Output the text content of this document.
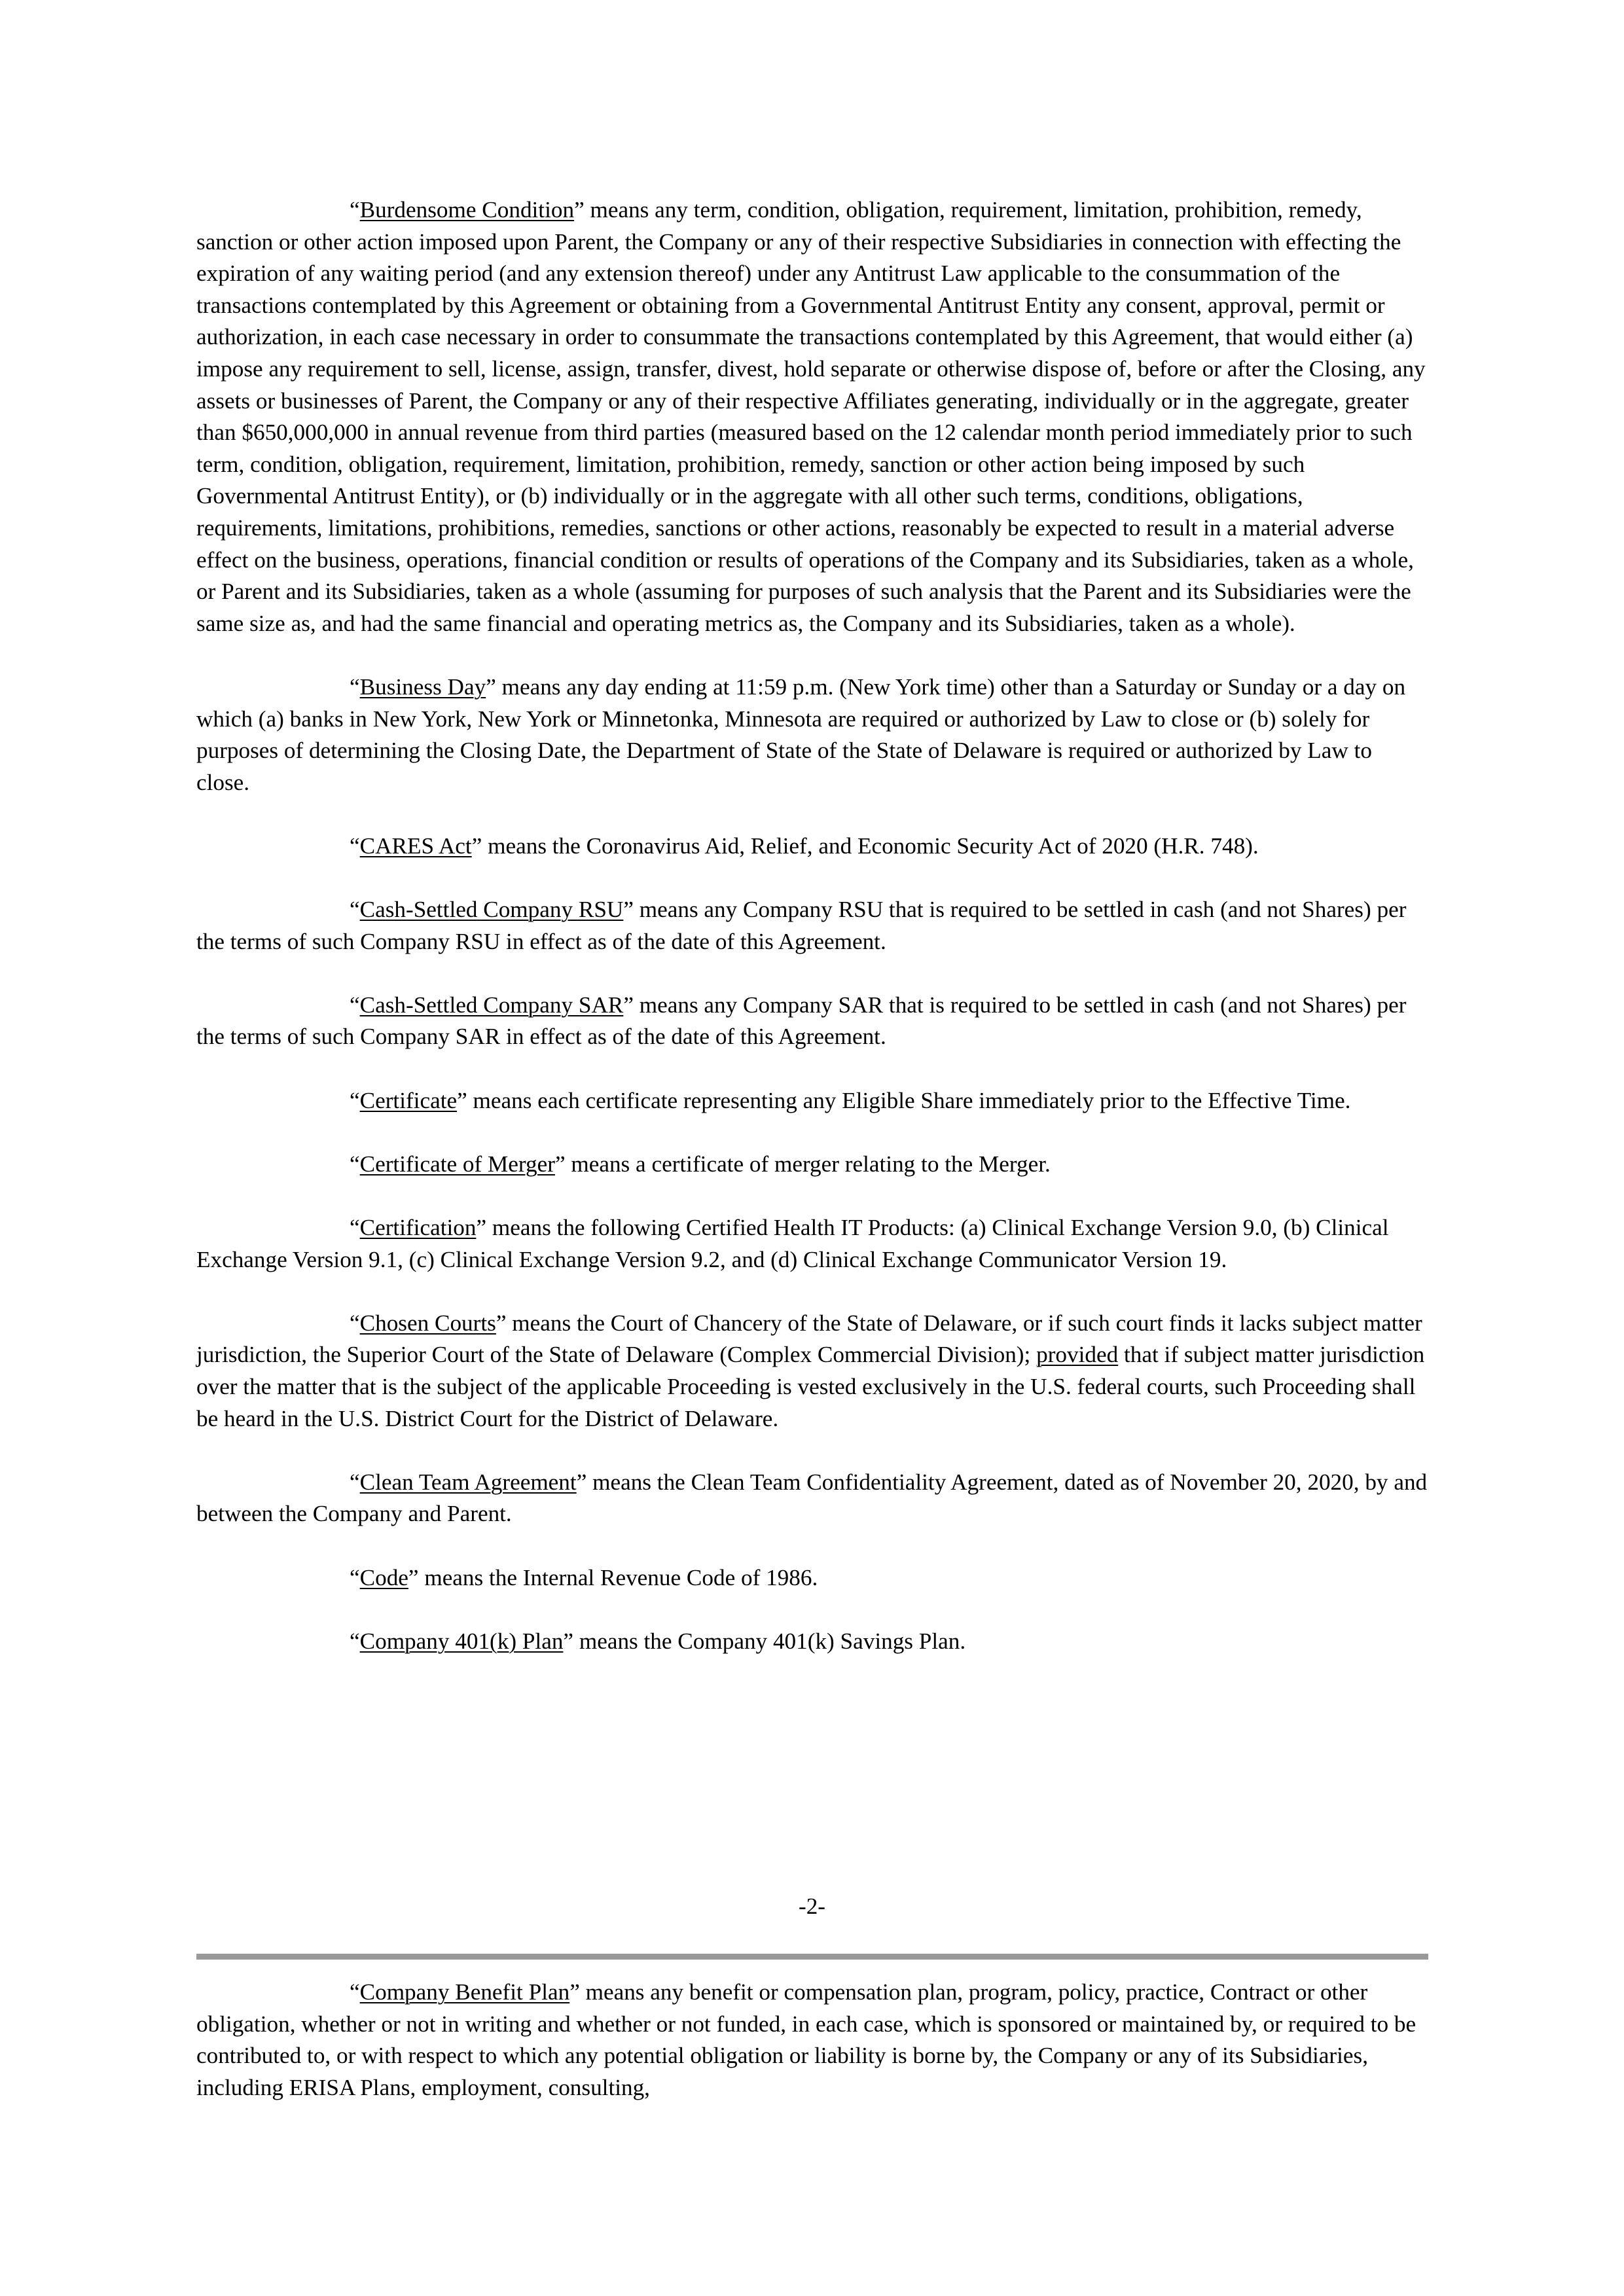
“Burdensome Condition” means any term, condition, obligation, requirement, limitation, prohibition, remedy, sanction or other action imposed upon Parent, the Company or any of their respective Subsidiaries in connection with effecting the expiration of any waiting period (and any extension thereof) under any Antitrust Law applicable to the consummation of the transactions contemplated by this Agreement or obtaining from a Governmental Antitrust Entity any consent, approval, permit or authorization, in each case necessary in order to consummate the transactions contemplated by this Agreement, that would either (a) impose any requirement to sell, license, assign, transfer, divest, hold separate or otherwise dispose of, before or after the Closing, any assets or businesses of Parent, the Company or any of their respective Affiliates generating, individually or in the aggregate, greater than $650,000,000 in annual revenue from third parties (measured based on the 12 calendar month period immediately prior to such term, condition, obligation, requirement, limitation, prohibition, remedy, sanction or other action being imposed by such Governmental Antitrust Entity), or (b) individually or in the aggregate with all other such terms, conditions, obligations, requirements, limitations, prohibitions, remedies, sanctions or other actions, reasonably be expected to result in a material adverse effect on the business, operations, financial condition or results of operations of the Company and its Subsidiaries, taken as a whole, or Parent and its Subsidiaries, taken as a whole (assuming for purposes of such analysis that the Parent and its Subsidiaries were the same size as, and had the same financial and operating metrics as, the Company and its Subsidiaries, taken as a whole).

“Business Day” means any day ending at 11:59 p.m. (New York time) other than a Saturday or Sunday or a day on which (a) banks in New York, New York or Minnetonka, Minnesota are required or authorized by Law to close or (b) solely for purposes of determining the Closing Date, the Department of State of the State of Delaware is required or authorized by Law to close.

“CARES Act” means the Coronavirus Aid, Relief, and Economic Security Act of 2020 (H.R. 748).

“Cash-Settled Company RSU” means any Company RSU that is required to be settled in cash (and not Shares) per the terms of such Company RSU in effect as of the date of this Agreement.

“Cash-Settled Company SAR” means any Company SAR that is required to be settled in cash (and not Shares) per the terms of such Company SAR in effect as of the date of this Agreement.

“Certificate” means each certificate representing any Eligible Share immediately prior to the Effective Time.

“Certificate of Merger” means a certificate of merger relating to the Merger.

“Certification” means the following Certified Health IT Products: (a) Clinical Exchange Version 9.0, (b) Clinical Exchange Version 9.1, (c) Clinical Exchange Version 9.2, and (d) Clinical Exchange Communicator Version 19.

“Chosen Courts” means the Court of Chancery of the State of Delaware, or if such court finds it lacks subject matter jurisdiction, the Superior Court of the State of Delaware (Complex Commercial Division); provided that if subject matter jurisdiction over the matter that is the subject of the applicable Proceeding is vested exclusively in the U.S. federal courts, such Proceeding shall be heard in the U.S. District Court for the District of Delaware.

“Clean Team Agreement” means the Clean Team Confidentiality Agreement, dated as of November 20, 2020, by and between the Company and Parent.

“Code” means the Internal Revenue Code of 1986.

“Company 401(k) Plan” means the Company 401(k) Savings Plan.

-2-

“Company Benefit Plan” means any benefit or compensation plan, program, policy, practice, Contract or other obligation, whether or not in writing and whether or not funded, in each case, which is sponsored or maintained by, or required to be contributed to, or with respect to which any potential obligation or liability is borne by, the Company or any of its Subsidiaries, including ERISA Plans, employment, consulting,
